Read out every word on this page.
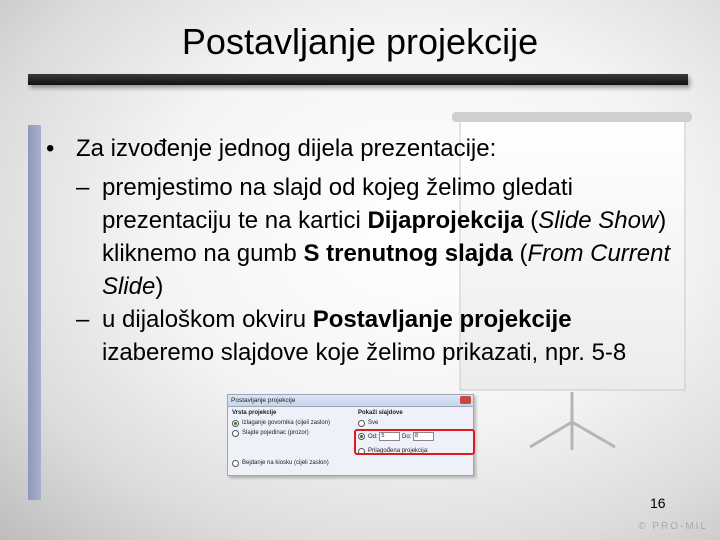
Postavljanje projekcije
• Za izvođenje jednog dijela prezentacije:
– premjestimo na slajd od kojeg želimo gledati prezentaciju te na kartici Dijaprojekcija (Slide Show) kliknemo na gumb S trenutnog slajda (From Current Slide)
– u dijaloškom okviru Postavljanje projekcije izaberemo slajdove koje želimo prikazati, npr. 5-8
Postavljanje projekcije
Vrsta projekcije
Izlaganje govornika (cijeli zaslon)
Slajde pojedinac (prozor)
Bejdanje na kiosku (cijeli zaslon)
Pokaži slajdove
Sve
Od:
5
	Do:
8
Prilagođena projekcija:
16
© PRO-MIL
